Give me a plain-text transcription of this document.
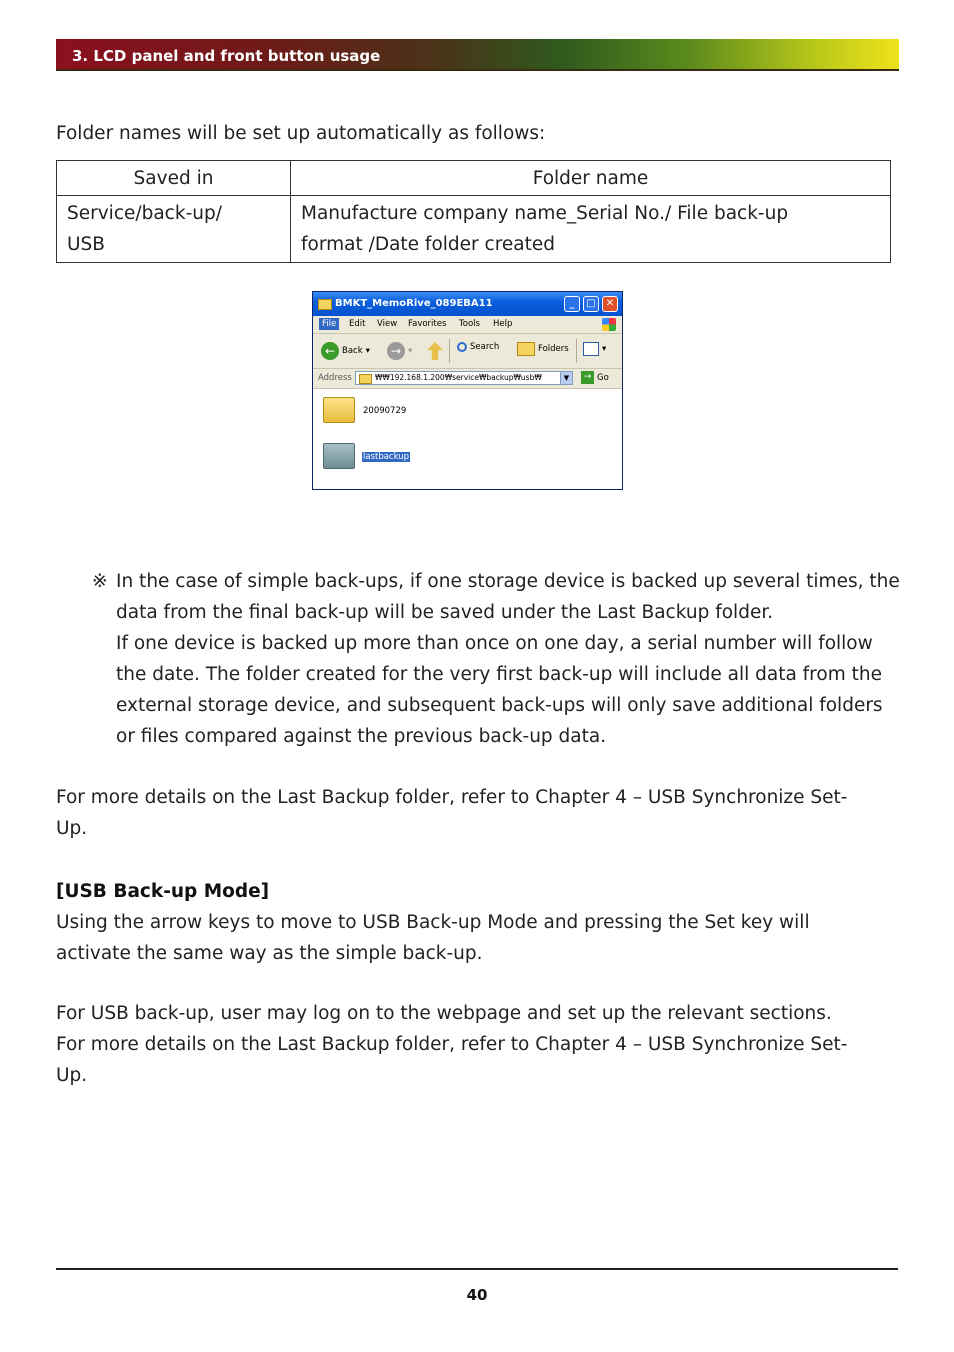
3. LCD panel and front button usage

Folder names will be set up automatically as follows:

Saved in	Folder name
Service/back-up/ USB	Manufacture company name_Serial No./ File back-up format /Date folder created
BMKT_MemoRive_089EBA11	_	□	✕
File	Edit View Favorites Tools Help
← Back ▾	→ ▾	Search	Folders	▾
Address	₩₩192.168.1.200₩service₩backup₩usb₩	▼	→ Go
20090729
lastbackup
※ In the case of simple back-ups, if one storage device is backed up several times, the data from the final back-up will be saved under the Last Backup folder.

If one device is backed up more than once on one day, a serial number will follow the date. The folder created for the very first back-up will include all data from the external storage device, and subsequent back-ups will only save additional folders or files compared against the previous back-up data.

For more details on the Last Backup folder, refer to Chapter 4 – USB Synchronize Set-Up.

[USB Back-up Mode]

Using the arrow keys to move to USB Back-up Mode and pressing the Set key will activate the same way as the simple back-up.

For USB back-up, user may log on to the webpage and set up the relevant sections.

For more details on the Last Backup folder, refer to Chapter 4 – USB Synchronize Set-Up.

40
